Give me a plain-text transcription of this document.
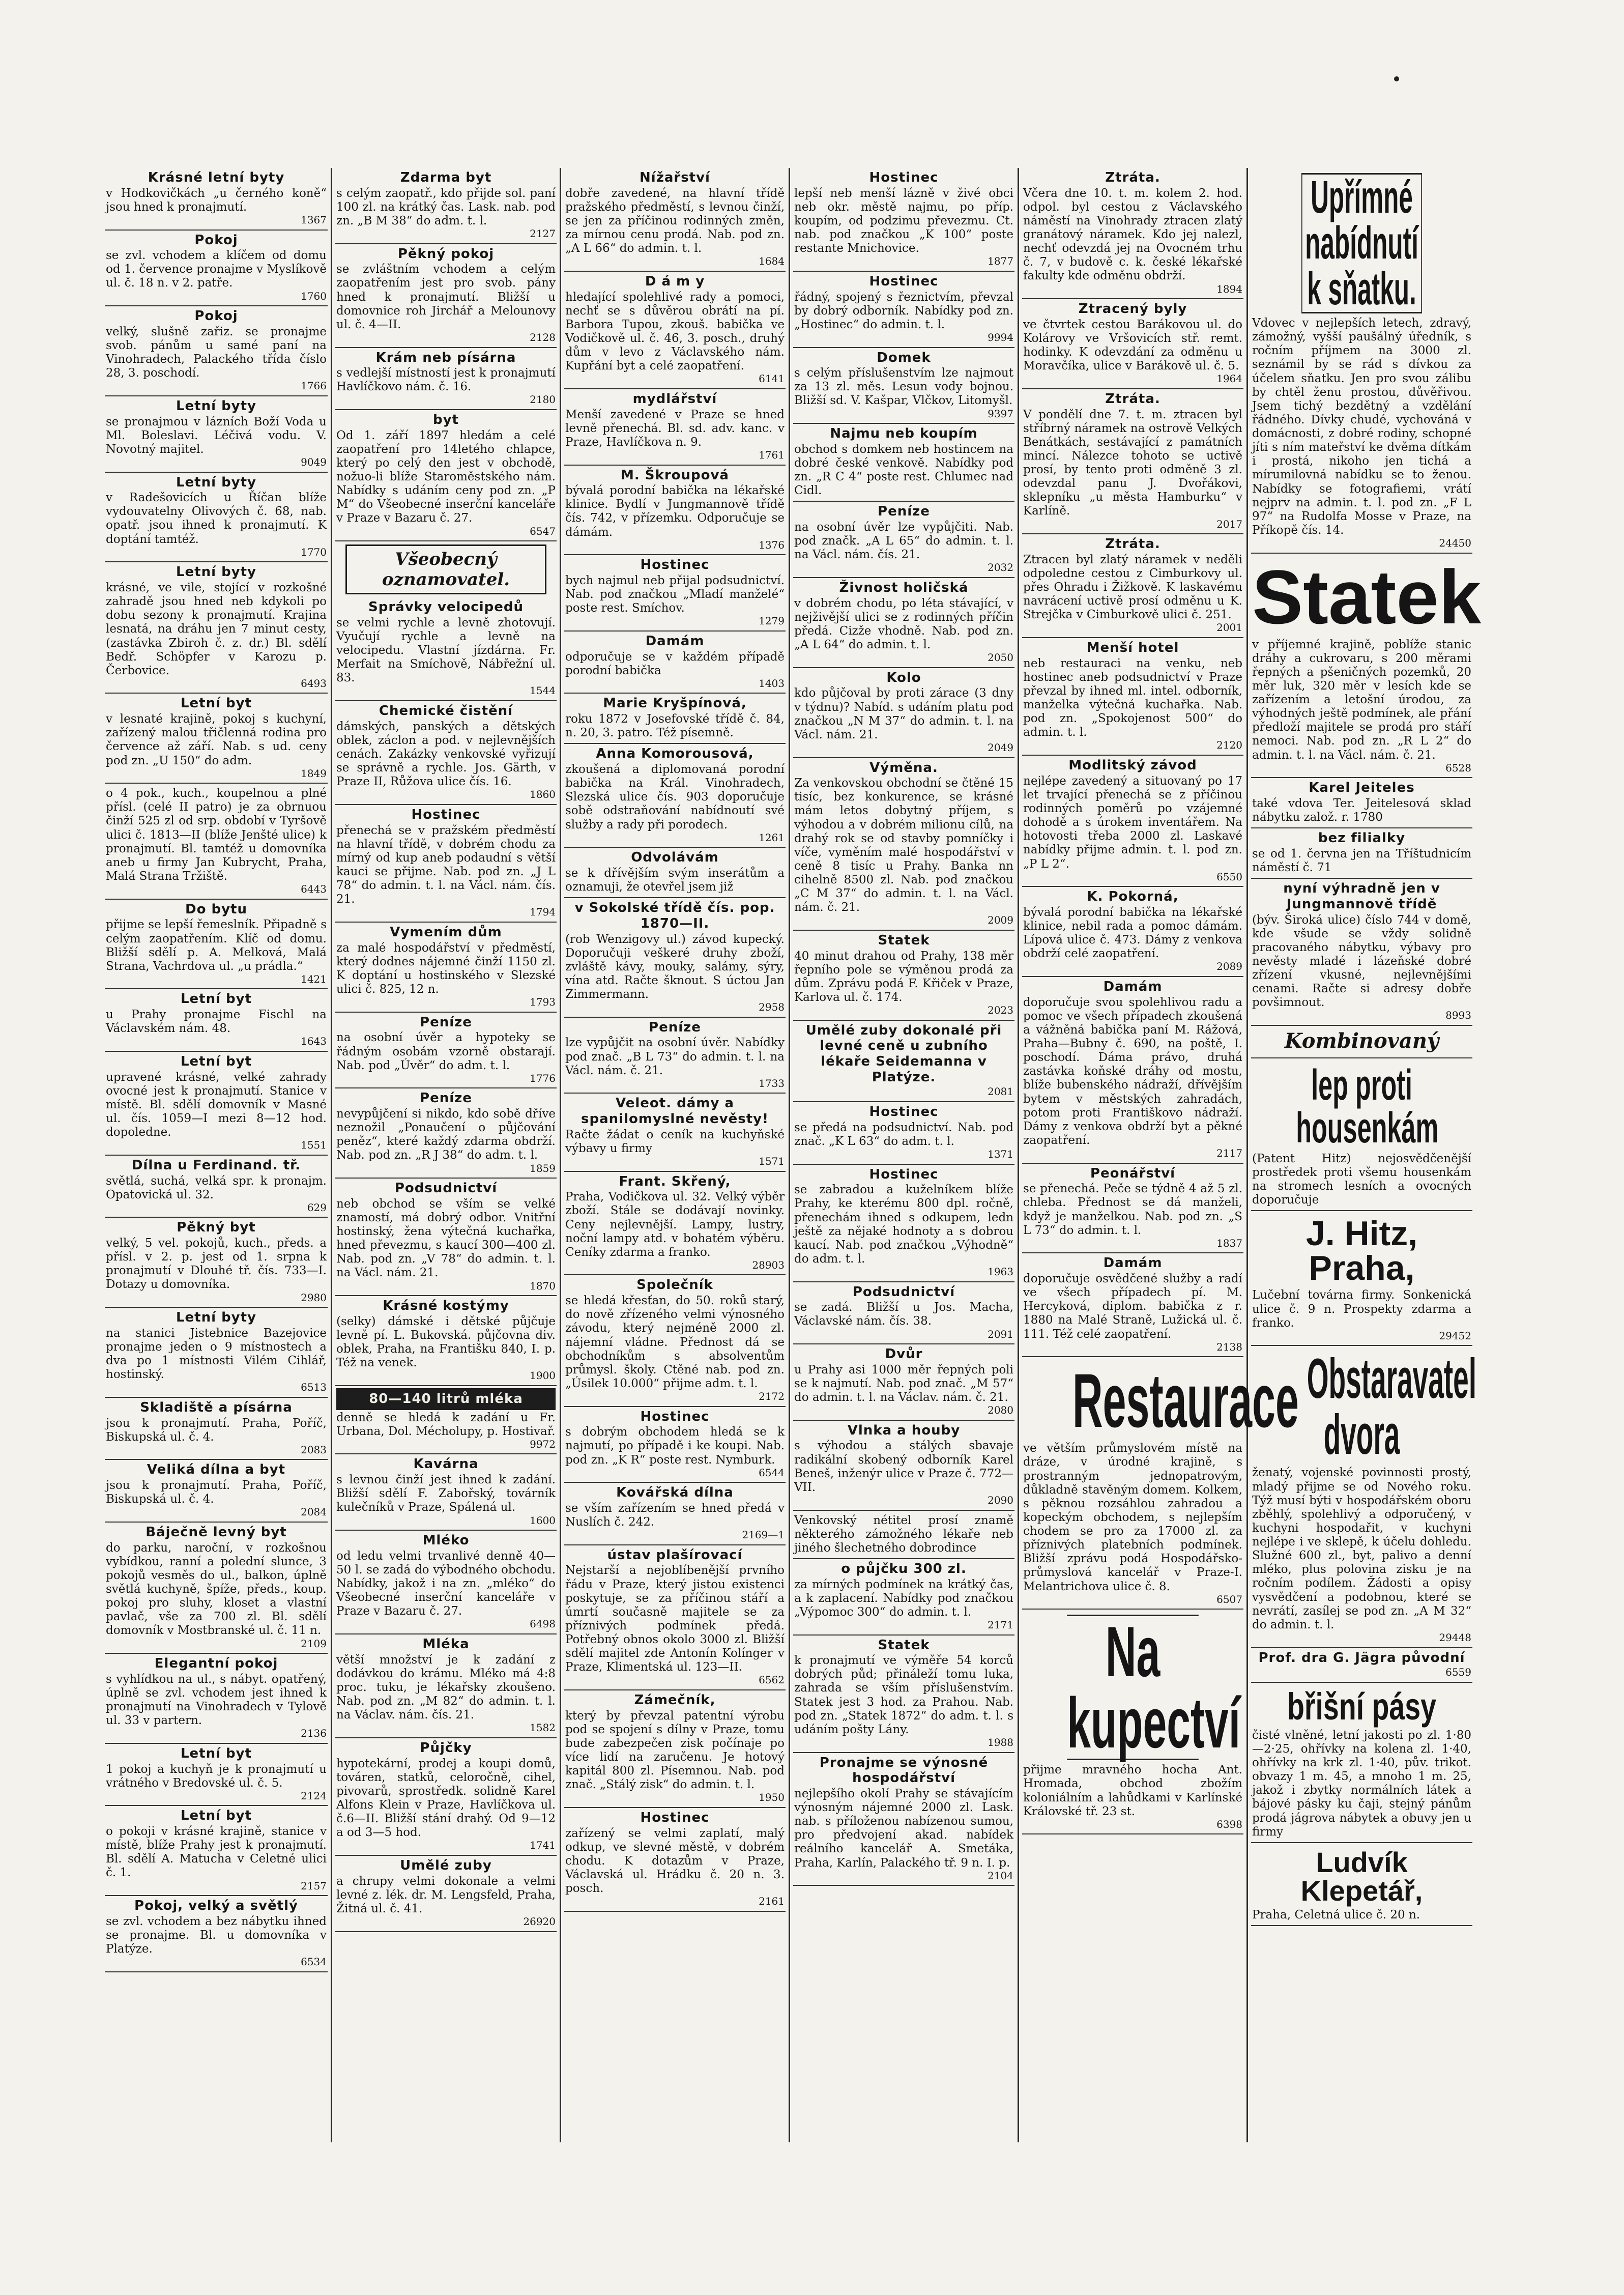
Krásné letní byty
v Hodkovičkách „u černého koně“ jsou hned k pronajmutí.
1367
Pokoj
se zvl. vchodem a klíčem od domu od 1. července pronajme v Myslíkově ul. č. 18 n. v 2. patře.
1760
Pokoj
velký, slušně zařiz. se pronajme svob. pánům u samé paní na Vinohradech, Palackého třída číslo 28, 3. poschodí.
1766
Letní byty
se pronajmou v lázních Boží Voda u Ml. Boleslavi. Léčivá vodu. V. Novotný majitel.
9049
Letní byty
v Radešovicích u Říčan blíže vydouvatelny Olivových č. 68, nab. opatř. jsou ihned k pronajmutí. K doptání tamtéž.
1770
Letní byty
krásné, ve vile, stojící v rozkošné zahradě jsou hned neb kdykoli po dobu sezony k pronajmutí. Krajina lesnatá, na dráhu jen 7 minut cesty, (zastávka Zbiroh č. z. dr.) Bl. sdělí Bedř. Schöpfer v Karozu p. Čerbovice.
6493
Letní byt
v lesnaté krajině, pokoj s kuchyní, zařízený malou třičlenná rodina pro července až září. Nab. s ud. ceny pod zn. „U 150“ do adm.
1849
o 4 pok., kuch., koupelnou a plné přísl. (celé II patro) je za obrnuou činží 525 zl od srp. období v Tyršově ulici č. 1813—II (blíže Jenšté ulice) k pronajmutí. Bl. tamtéž u domovníka aneb u firmy Jan Kubrycht, Praha, Malá Strana Tržiště.
6443
Do bytu
přijme se lepší řemeslník. Připadně s celým zaopatřením. Klíč od domu. Bližší sdělí p. A. Melková, Malá Strana, Vachrdova ul. „u prádla.“
1421
Letní byt
u Prahy pronajme Fischl na Václavském nám. 48.
1643
Letní byt
upravené krásné, velké zahrady ovocné jest k pronajmutí. Stanice v místě. Bl. sdělí domovník v Masné ul. čís. 1059—I mezi 8—12 hod. dopoledne.
1551
Dílna u Ferdinand. tř.
světlá, suchá, velká spr. k pronajm. Opatovická ul. 32.
629
Pěkný byt
velký, 5 vel. pokojů, kuch., předs. a přísl. v 2. p. jest od 1. srpna k pronajmutí v Dlouhé tř. čís. 733—I. Dotazy u domovníka.
2980
Letní byty
na stanici Jistebnice Bazejovice pronajme jeden o 9 místnostech a dva po 1 místnosti Vilém Cihlář, hostinský.
6513
Skladiště a písárna
jsou k pronajmutí. Praha, Poříč, Biskupská ul. č. 4.
2083
Veliká dílna a byt
jsou k pronajmutí. Praha, Poříč, Biskupská ul. č. 4.
2084
Báječně levný byt
do parku, naroční, v rozkošnou vybídkou, ranní a polední slunce, 3 pokojů vesměs do ul., balkon, úplně světlá kuchyně, špíže, předs., koup. pokoj pro sluhy, kloset a vlastní pavlač, vše za 700 zl. Bl. sdělí domovník v Mostbranské ul. č. 11 n.
2109
Elegantní pokoj
s vyhlídkou na ul., s nábyt. opatřený, úplně se zvl. vchodem jest ihned k pronajmutí na Vinohradech v Tylově ul. 33 v partern.
2136
Letní byt
1 pokoj a kuchyň je k pronajmutí u vrátného v Bredovské ul. č. 5.
2124
Letní byt
o pokoji v krásné krajině, stanice v místě, blíže Prahy jest k pronajmutí. Bl. sdělí A. Matucha v Celetné ulici č. 1.
2157
Pokoj, velký a světlý
se zvl. vchodem a bez nábytku ihned se pronajme. Bl. u domovníka v Platýze.
6534
Zdarma byt
s celým zaopatř., kdo přijde sol. paní 100 zl. na krátký čas. Lask. nab. pod zn. „B M 38“ do adm. t. l.
2127
Pěkný pokoj
se zvláštním vchodem a celým zaopatřením jest pro svob. pány hned k pronajmutí. Bližší u domovnice roh Jirchář a Melounovy ul. č. 4—II.
2128
Krám neb písárna
s vedlejší místností jest k pronajmutí Havlíčkovo nám. č. 16.
2180
byt
Od 1. září 1897 hledám a celé zaopatření pro 14letého chlapce, který po celý den jest v obchodě, nožuo-li blíže Staroměstského nám. Nabídky s udáním ceny pod zn. „P M“ do Všeobecné inserční kanceláře v Praze v Bazaru č. 27.
6547
Všeobecný oznamovatel.
Správky velocipedů
se velmi rychle a levně zhotovují. Vyučují rychle a levně na velocipedu. Vlastní jízdárna. Fr. Merfait na Smíchově, Nábřežní ul. 83.
1544
Chemické čistění
dámských, panských a dětských oblek, záclon a pod. v nejlevnějších cenách. Zakázky venkovské vyřizují se správně a rychle. Jos. Gärth, v Praze II, Růžova ulice čís. 16.
1860
Hostinec
přenechá se v pražském předměstí na hlavní třídě, v dobrém chodu za mírný od kup aneb podaudní s větší kauci se přijme. Nab. pod zn. „J L 78“ do admin. t. l. na Václ. nám. čís. 21.
1794
Vymením dům
za malé hospodářství v předměstí, který dodnes nájemné činží 1150 zl. K doptání u hostinského v Slezské ulici č. 825, 12 n.
1793
Peníze
na osobní úvěr a hypoteky se řádným osobám vzorně obstarají. Nab. pod „Úvěr“ do adm. t. l.
1776
Peníze
nevypůjčení si nikdo, kdo sobě dříve neznožil „Ponaučení o půjčování peněz“, které každý zdarma obdrží. Nab. pod zn. „R J 38“ do adm. t. l.
1859
Podsudnictví
neb obchod se vším se velké znamostí, má dobrý odbor. Vnitřní hostinský, žena výtečná kuchařka, hned převezmu, s kaucí 300—400 zl. Nab. pod zn. „V 78“ do admin. t. l. na Václ. nám. 21.
1870
Krásné kostýmy
(selky) dámské i dětské půjčuje levně pí. L. Bukovská. půjčovna div. oblek, Praha, na Františku 840, I. p. Též na venek.
1900
80—140 litrů mléka
denně se hledá k zadání u Fr. Urbana, Dol. Mécholupy, p. Hostivař.
9972
Kavárna
s levnou činží jest ihned k zadání. Bližší sdělí F. Zabořský, továrník kulečníků v Praze, Spálená ul.
1600
Mléko
od ledu velmi trvanlivé denně 40—50 l. se zadá do výbodného obchodu. Nabídky, jakož i na zn. „mléko“ do Všeobecné inserční kanceláře v Praze v Bazaru č. 27.
6498
Mléka
větší množství je k zadání z dodávkou do krámu. Mléko má 4:8 proc. tuku, je lékařsky zkoušeno. Nab. pod zn. „M 82“ do admin. t. l. na Václav. nám. čís. 21.
1582
Půjčky
hypotekární, prodej a koupi domů, továren, statků, celoročně, cihel, pivovarů, sprostředk. solidně Karel Alfons Klein v Praze, Havlíčkova ul. č.6—II. Bližší stání drahý. Od 9—12 a od 3—5 hod.
1741
Umělé zuby
a chrupy velmi dokonale a velmi levné z. lék. dr. M. Lengsfeld, Praha, Žitná ul. č. 41.
26920
Nížařství
dobře zavedené, na hlavní třídě pražského předměstí, s levnou činží, se jen za příčinou rodinných změn, za mírnou cenu prodá. Nab. pod zn. „A L 66“ do admin. t. l.
1684
D á m y
hledající spolehlivé rady a pomoci, nechť se s důvěrou obrátí na pí. Barbora Tupou, zkouš. babička ve Vodičkově ul. č. 46, 3. posch., druhý dům v levo z Václavského nám. Kupřání byt a celé zaopatření.
6141
mydlářství
Menší zavedené v Praze se hned levně přenechá. Bl. sd. adv. kanc. v Praze, Havlíčkova n. 9.
1761
M. Škroupová
bývalá porodní babička na lékařské klinice. Bydlí v Jungmannově třídě čís. 742, v přízemku. Odporučuje se dámám.
1376
Hostinec
bych najmul neb přijal podsudnictví. Nab. pod značkou „Mladí manželé“ poste rest. Smíchov.
1279
Damám
odporučuje se v každém případě porodní babička
1403
Marie Kryšpínová,
roku 1872 v Josefovské třídě č. 84, n. 20, 3. patro. Též písemně.
Anna Komorousová,
zkoušená a diplomovaná porodní babička na Král. Vinohradech, Slezská ulice čís. 903 doporučuje sobě odstraňování nabídnoutí své služby a rady při porodech.
1261
Odvolávám
se k dřívějším svým inserátům a oznamuji, že otevřel jsem již
v Sokolské třídě čís. pop. 1870—II.
(rob Wenzigovy ul.) závod kupecký. Doporučuji veškeré druhy zboží, zvláště kávy, mouky, salámy, sýry, vína atd. Račte šknout. S úctou Jan Zimmermann.
2958
Peníze
lze vypůjčit na osobní úvěr. Nabídky pod znač. „B L 73“ do admin. t. l. na Václ. nám. č. 21.
1733
Veleot. dámy a spanilomyslné nevěsty!
Račte žádat o ceník na kuchyňské výbavy u firmy
1571
Frant. Skřený,
Praha, Vodičkova ul. 32. Velký výběr zboží. Stále se dodávají novinky. Ceny nejlevnější. Lampy, lustry, noční lampy atd. v bohatém výběru. Ceníky zdarma a franko.
28903
Společník
se hledá křesťan, do 50. roků starý, do nově zřízeného velmi výnosného závodu, který nejméně 2000 zl. nájemní vládne. Přednost dá se obchodníkům s absolventům průmysl. školy. Ctěné nab. pod zn. „Úsilek 10.000“ přijme adm. t. l.
2172
Hostinec
s dobrým obchodem hledá se k najmutí, po případě i ke koupi. Nab. pod zn. „K R“ poste rest. Nymburk.
6544
Kovářská dílna
se vším zařízením se hned předá v Nuslích č. 242.
2169—1
ústav plašírovací
Nejstarší a nejoblíbenější prvního řádu v Praze, který jistou existenci poskytuje, se za příčinou stáří a úmrtí současně majitele se za příznivých podmínek předá. Potřebný obnos okolo 3000 zl. Bližší sdělí majitel zde Antonín Kolínger v Praze, Klimentská ul. 123—II.
6562
Zámečník,
který by převzal patentní výrobu pod se spojení s dílny v Praze, tomu bude zabezpečen zisk počínaje po více lidí na zaručenu. Je hotový kapitál 800 zl. Písemnou. Nab. pod znač. „Stálý zisk“ do admin. t. l.
1950
Hostinec
zařízený se velmi zaplatí, malý odkup, ve slevné městě, v dobrém chodu. K dotazům v Praze, Václavská ul. Hrádku č. 20 n. 3. posch.
2161
Hostinec
lepší neb menší lázně v živé obci neb okr. městě najmu, po příp. koupím, od podzimu převezmu. Ct. nab. pod značkou „K 100“ poste restante Mnichovice.
1877
Hostinec
řádný, spojený s řeznictvím, převzal by dobrý odborník. Nabídky pod zn. „Hostinec“ do admin. t. l.
9994
Domek
s celým příslušenstvím lze najmout za 13 zl. měs. Lesun vody bojnou. Bližší sd. V. Kašpar, Vlčkov, Litomyšl.
9397
Najmu neb koupím
obchod s domkem neb hostincem na dobré české venkově. Nabídky pod zn. „R C 4“ poste rest. Chlumec nad Cidl.
Peníze
na osobní úvěr lze vypůjčiti. Nab. pod značk. „A L 65“ do admin. t. l. na Václ. nám. čís. 21.
2032
Živnost holičská
v dobrém chodu, po léta stávající, v nejživější ulici se z rodinných příčin předá. Cizže vhodně. Nab. pod zn. „A L 64“ do admin. t. l.
2050
Kolo
kdo půjčoval by proti zárace (3 dny v týdnu)? Nabíd. s udáním platu pod značkou „N M 37“ do admin. t. l. na Václ. nám. 21.
2049
Výměna.
Za venkovskou obchodní se čtěné 15 tisíc, bez konkurence, se krásné mám letos dobytný příjem, s výhodou a v dobrém milionu cílů, na drahý rok se od stavby pomníčky i víče, vyměním malé hospodářství v ceně 8 tisíc u Prahy. Banka nn cihelně 8500 zl. Nab. pod značkou „C M 37“ do admin. t. l. na Václ. nám. č. 21.
2009
Statek
40 minut drahou od Prahy, 138 měr řepního pole se výměnou prodá za dům. Zprávu podá F. Křiček v Praze, Karlova ul. č. 174.
2023
Umělé zuby dokonalé při levné ceně u zubního lékaře Seidemanna v Platýze.
2081
Hostinec
se předá na podsudnictví. Nab. pod znač. „K L 63“ do adm. t. l.
1371
Hostinec
se zabradou a kuželníkem blíže Prahy, ke kterému 800 dpl. ročně, přenechám ihned s odkupem, ledn ještě za nějaké hodnoty a s dobrou kaucí. Nab. pod značkou „Výhodně“ do adm. t. l.
1963
Podsudnictví
se zadá. Bližší u Jos. Macha, Václavské nám. čís. 38.
2091
Dvůr
u Prahy asi 1000 měr řepných poli se k najmutí. Nab. pod znač. „M 57“ do admin. t. l. na Václav. nám. č. 21.
2080
Vlnka a houby
s výhodou a stálých sbavaje radikální skobený odborník Karel Beneš, inženýr ulice v Praze č. 772—VII.
2090
Venkovský nétitel prosí znamě některého zámožného lékaře neb jiného šlechetného dobrodince
o půjčku 300 zl.
za mírných podmínek na krátký čas, a k zaplacení. Nabídky pod značkou „Výpomoc 300“ do admin. t. l.
2171
Statek
k pronajmutí ve výměře 54 korců dobrých půd; přináleží tomu luka, zahrada se vším příslušenstvím. Statek jest 3 hod. za Prahou. Nab. pod zn. „Statek 1872“ do adm. t. l. s udáním pošty Lány.
1988
Pronajme se výnosné hospodářství
nejlepšího okolí Prahy se stávajícím výnosným nájemné 2000 zl. Lask. nab. s příloženou nabízenou sumou, pro předvojení akad. nabídek reálního kancelář A. Smetáka, Praha, Karlín, Palackého tř. 9 n. I. p.
2104
Ztráta.
Včera dne 10. t. m. kolem 2. hod. odpol. byl cestou z Václavského náměstí na Vinohrady ztracen zlatý granátový náramek. Kdo jej nalezl, nechť odevzdá jej na Ovocném trhu č. 7, v budově c. k. české lékařské fakulty kde odměnu obdrží.
1894
Ztracený byly
ve čtvrtek cestou Barákovou ul. do Kolárovy ve Vršovicích stř. remt. hodinky. K odevzdání za odměnu u Moravčíka, ulice v Barákově ul. č. 5.
1964
Ztráta.
V pondělí dne 7. t. m. ztracen byl stříbrný náramek na ostrově Velkých Benátkách, sestávající z památních mincí. Nálezce tohoto se uctivě prosí, by tento proti odměně 3 zl. odevzdal panu J. Dvořákovi, sklepníku „u města Hamburku“ v Karlíně.
2017
Ztráta.
Ztracen byl zlatý náramek v neděli odpoledne cestou z Cimburkovy ul. přes Ohradu i Žižkově. K laskavému navrácení uctivě prosí odměnu u K. Strejčka v Cimburkově ulici č. 251.
2001
Menší hotel
neb restauraci na venku, neb hostinec aneb podsudnictví v Praze převzal by ihned ml. intel. odborník, manželka výtečná kuchařka. Nab. pod zn. „Spokojenost 500“ do admin. t. l.
2120
Modlitský závod
nejlépe zavedený a situovaný po 17 let trvající přenechá se z příčinou rodinných poměrů po vzájemné dohodě a s úrokem inventářem. Na hotovosti třeba 2000 zl. Laskavé nabídky přijme admin. t. l. pod zn. „P L 2“.
6550
K. Pokorná,
bývalá porodní babička na lékařské klinice, nebil rada a pomoc dámám. Lípová ulice č. 473. Dámy z venkova obdrží celé zaopatření.
2089
Damám
doporučuje svou spolehlivou radu a pomoc ve všech případech zkoušená a vážněná babička paní M. Rážová, Praha—Bubny č. 690, na poště, I. poschodí. Dáma právo, druhá zastávka koňské dráhy od mostu, blíže bubenského nádraží, dřívějším bytem v městských zahradách, potom proti Františkovo nádraží. Dámy z venkova obdrží byt a pěkné zaopatření.
2117
Peonářství
se přenechá. Peče se týdně 4 až 5 zl. chleba. Přednost se dá manželi, když je manželkou. Nab. pod zn. „S L 73“ do admin. t. l.
1837
Damám
doporučuje osvědčené služby a radí ve všech případech pí. M. Hercyková, diplom. babička z r. 1880 na Malé Straně, Lužická ul. č. 111. Též celé zaopatření.
2138
Restaurace
ve větším průmyslovém místě na dráze, v úrodné krajině, s prostranným jednopatrovým, důkladně stavěným domem. Kolkem, s pěknou rozsáhlou zahradou a kopeckým obchodem, s nejlepším chodem se pro za 17000 zl. za příznivých platebních podmínek. Bližší zprávu podá Hospodářsko-průmyslová kancelář v Praze-I. Melantrichova ulice č. 8.
6507
Na kupectví
přijme mravného hocha Ant. Hromada, obchod zbožím koloniálním a lahůdkami v Karlínské Královské tř. 23 st.
6398
Upřímné nabídnutí k sňatku.
Vdovec v nejlepších letech, zdravý, zámožný, vyšší paušálný úředník, s ročním příjmem na 3000 zl. seznámil by se rád s dívkou za účelem sňatku. Jen pro svou zálibu by chtěl ženu prostou, důvěřivou. Jsem tichý bezdětný a vzdělání řádného. Dívky chudé, vychováná v domácnosti, z dobré rodiny, schopné jíti s ním mateřství ke dvěma dítkám i prostá, nikoho jen tichá a mírumilovná nabídku se to ženou. Nabídky se fotografiemi, vrátí nejprv na admin. t. l. pod zn. „F L 97“ na Rudolfa Mosse v Praze, na Příkopě čís. 14.
24450
Statek
v příjemné krajině, poblíže stanic dráhy a cukrovaru, s 200 měrami řepných a pšeničných pozemků, 20 měr luk, 320 měr v lesích kde se zařízením a letošní úrodou, za výhodných ještě podmínek, ale přání předloží majitele se prodá pro stáří nemoci. Nab. pod zn. „R L 2“ do admin. t. l. na Václ. nám. č. 21.
6528
Karel Jeiteles
také vdova Ter. Jeitelesová sklad nábytku založ. r. 1780
bez filialky
se od 1. června jen na Tříštudnicím náměstí č. 71
nyní výhradně jen v Jungmannově třídě
(býv. Široká ulice) číslo 744 v domě, kde všude se vždy solidně pracovaného nábytku, výbavy pro nevěsty mladé i lázeňské dobré zřízení vkusné, nejlevnějšími cenami. Račte si adresy dobře povšimnout.
8993
Kombinovaný
lep proti housenkám
(Patent Hitz) nejosvědčenější prostředek proti všemu housenkám na stromech lesních a ovocných doporučuje
J. Hitz, Praha,
Lučební továrna firmy. Sonkenická ulice č. 9 n. Prospekty zdarma a franko.
29452
Obstaravatel dvora
ženatý, vojenské povinnosti prostý, mladý přijme se od Nového roku. Týž musí býti v hospodářském oboru zběhlý, spolehlivý a odporučený, v kuchyni hospodařit, v kuchyni nejlépe i ve sklepě, k účelu dohledu. Služné 600 zl., byt, palivo a denní mléko, plus polovina zisku je na ročním podílem. Žádosti a opisy vysvědčení a podobnou, které se nevrátí, zasílej se pod zn. „A M 32“ do admin. t. l.
29448
Prof. dra G. Jägra původní
6559
břišní pásy
čisté vlněné, letní jakosti po zl. 1·80—2·25, ohřívky na kolena zl. 1·40, ohřívky na krk zl. 1·40, pův. trikot. obvazy 1 m. 45, a mnoho 1 m. 25, jakož i zbytky normálních látek a bájové pásky ku čaji, stejný pánům prodá jágrova nábytek a obuvy jen u firmy
Ludvík Klepetář,
Praha, Celetná ulice č. 20 n.
